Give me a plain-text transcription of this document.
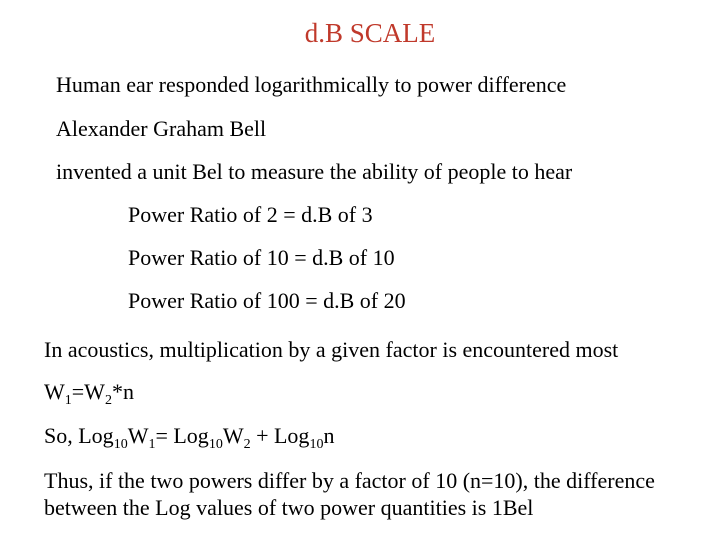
d.B SCALE
Human ear responded logarithmically to power difference
Alexander Graham Bell
invented a unit Bel to measure the ability of people to hear
Power Ratio of 2 = d.B of 3
Power Ratio of 10 = d.B of 10
Power Ratio of 100 = d.B of 20
In acoustics, multiplication by a given factor is encountered most
$W_1=W_2*n$
So, $Log_{10}W_1= Log_{10}W_2 + Log_{10}n$
Thus, if the two powers differ by a factor of 10 (n=10), the difference between the Log values of two power quantities is 1Bel
